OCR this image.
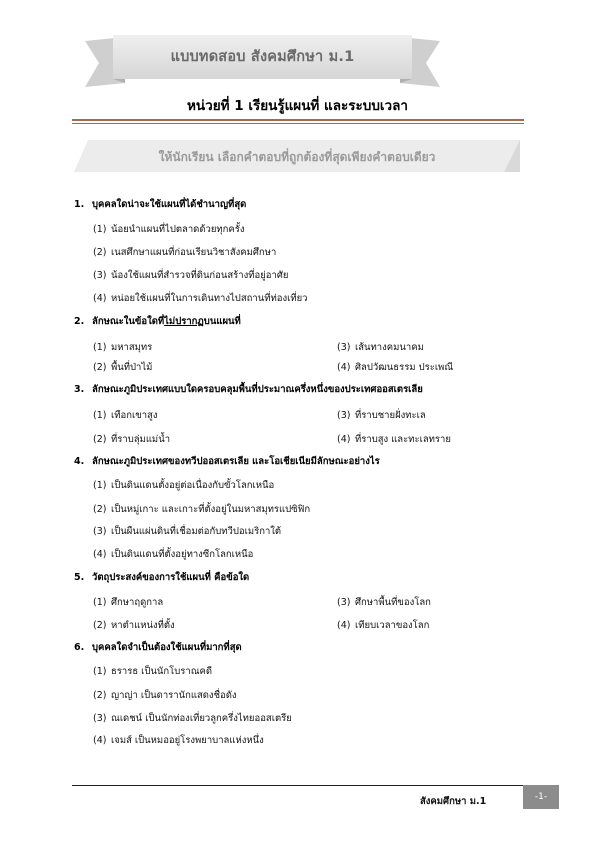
แบบทดสอบ สังคมศึกษา ม.1
หน่วยที่ 1 เรียนรู้แผนที่ และระบบเวลา
ให้นักเรียน เลือกคำตอบที่ถูกต้องที่สุดเพียงคำตอบเดียว
1. บุคคลใดน่าจะใช้แผนที่ได้ชำนาญที่สุด
(1) น้อยนำแผนที่ไปตลาดด้วยทุกครั้ง
(2) เนสศึกษาแผนที่ก่อนเรียนวิชาสังคมศึกษา
(3) น้องใช้แผนที่สำรวจที่ดินก่อนสร้างที่อยู่อาศัย
(4) หน่อยใช้แผนที่ในการเดินทางไปสถานที่ท่องเที่ยว
2. ลักษณะในข้อใดที่ไม่ปรากฏบนแผนที่
(1) มหาสมุทร	(3) เส้นทางคมนาคม
(2) พื้นที่ป่าไม้	(4) ศิลปวัฒนธรรม ประเพณี
3. ลักษณะภูมิประเทศแบบใดครอบคลุมพื้นที่ประมาณครึ่งหนึ่งของประเทศออสเตรเลีย
(1) เทือกเขาสูง	(3) ที่ราบชายฝั่งทะเล
(2) ที่ราบลุ่มแม่น้ำ	(4) ที่ราบสูง และทะเลทราย
4. ลักษณะภูมิประเทศของทวีปออสเตรเลีย และโอเชียเนียมีลักษณะอย่างไร
(1) เป็นดินแดนตั้งอยู่ต่อเนื่องกับขั้วโลกเหนือ
(2) เป็นหมู่เกาะ และเกาะที่ตั้งอยู่ในมหาสมุทรแปซิฟิก
(3) เป็นผืนแผ่นดินที่เชื่อมต่อกับทวีปอเมริกาใต้
(4) เป็นดินแดนที่ตั้งอยู่ทางซีกโลกเหนือ
5. วัตถุประสงค์ของการใช้แผนที่ คือข้อใด
(1) ศึกษาฤดูกาล	(3) ศึกษาพื้นที่ของโลก
(2) หาตำแหน่งที่ตั้ง	(4) เทียบเวลาของโลก
6. บุคคลใดจำเป็นต้องใช้แผนที่มากที่สุด
(1) ธรารธ เป็นนักโบราณคดี
(2) ญาญ่า เป็นดารานักแสดงชื่อดัง
(3) ณเดชน์ เป็นนักท่องเที่ยวลูกครึ่งไทยออสเตรีย
(4) เจมส์ เป็นหมออยู่โรงพยาบาลแห่งหนึ่ง
สังคมศึกษา ม.1	-1-
